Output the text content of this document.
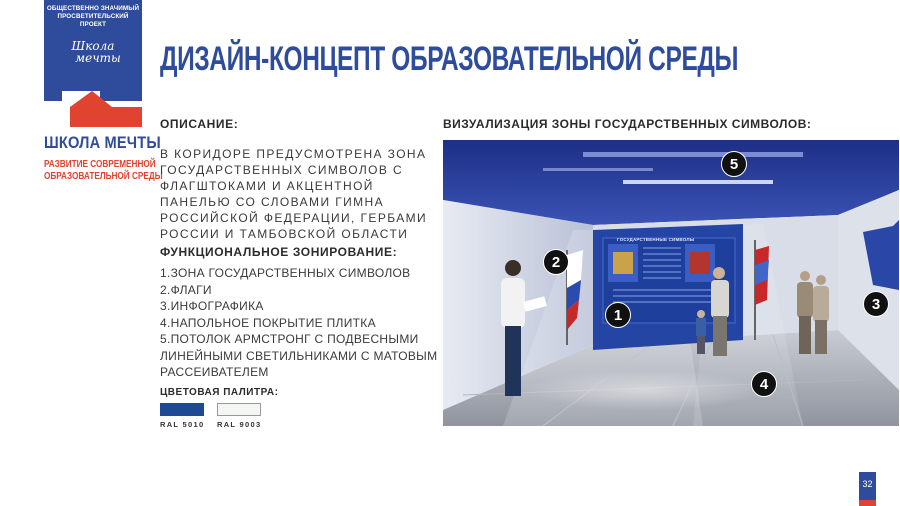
ОБЩЕСТВЕННО ЗНАЧИМЫЙ
ПРОСВЕТИТЕЛЬСКИЙ ПРОЕКТ
Школа
мечты
ШКОЛА МЕЧТЫ
РАЗВИТИЕ СОВРЕМЕННОЙ
ОБРАЗОВАТЕЛЬНОЙ СРЕДЫ
ДИЗАЙН-КОНЦЕПТ ОБРАЗОВАТЕЛЬНОЙ СРЕДЫ
ОПИСАНИЕ:
В КОРИДОРЕ ПРЕДУСМОТРЕНА ЗОНА
ГОСУДАРСТВЕННЫХ СИМВОЛОВ С
ФЛАГШТОКАМИ И АКЦЕНТНОЙ
ПАНЕЛЬЮ СО СЛОВАМИ ГИМНА
РОССИЙСКОЙ ФЕДЕРАЦИИ, ГЕРБАМИ
РОССИИ И ТАМБОВСКОЙ ОБЛАСТИ
ФУНКЦИОНАЛЬНОЕ ЗОНИРОВАНИЕ:
1.ЗОНА ГОСУДАРСТВЕННЫХ СИМВОЛОВ
2.ФЛАГИ
3.ИНФОГРАФИКА
4.НАПОЛЬНОЕ ПОКРЫТИЕ ПЛИТКА
5.ПОТОЛОК АРМСТРОНГ С ПОДВЕСНЫМИ
ЛИНЕЙНЫМИ СВЕТИЛЬНИКАМИ С МАТОВЫМ
РАССЕИВАТЕЛЕМ
ЦВЕТОВАЯ ПАЛИТРА:
RAL 5010 RAL 9003
ВИЗУАЛИЗАЦИЯ ЗОНЫ ГОСУДАРСТВЕННЫХ СИМВОЛОВ:
1
2
3
4
5
ГОСУДАРСТВЕННЫЕ СИМВОЛЫ
32
